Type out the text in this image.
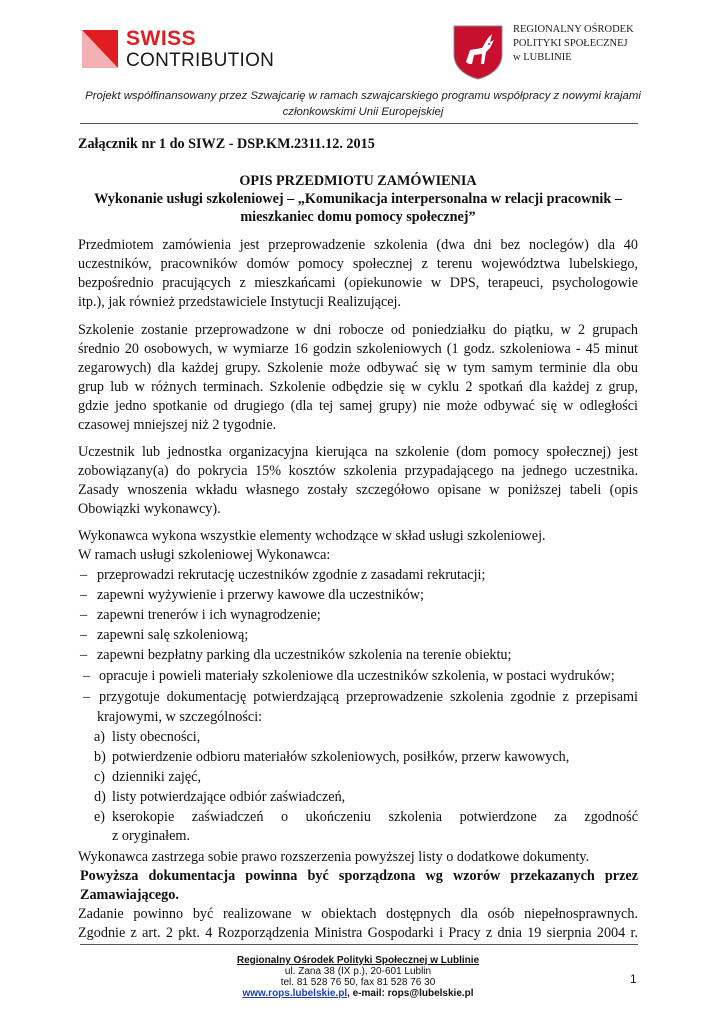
SWISS
CONTRIBUTION
REGIONALNY OŚRODEK
POLITYKI SPOŁECZNEJ
w LUBLINIE
Projekt współfinansowany przez Szwajcarię w ramach szwajcarskiego programu współpracy z nowymi krajami
członkowskimi Unii Europejskiej
Załącznik nr 1 do SIWZ - DSP.KM.2311.12. 2015
OPIS PRZEDMIOTU ZAMÓWIENIA
Wykonanie usługi szkoleniowej – „Komunikacja interpersonalna w relacji pracownik –
mieszkaniec domu pomocy społecznej”
Przedmiotem zamówienia jest przeprowadzenie szkolenia (dwa dni bez noclegów) dla 40
uczestników, pracowników domów pomocy społecznej z terenu województwa lubelskiego,
bezpośrednio pracujących z mieszkańcami (opiekunowie w DPS, terapeuci, psychologowie
itp.), jak również przedstawiciele Instytucji Realizującej.
Szkolenie zostanie przeprowadzone w dni robocze od poniedziałku do piątku, w 2 grupach
średnio 20 osobowych, w wymiarze 16 godzin szkoleniowych (1 godz. szkoleniowa - 45 minut
zegarowych) dla każdej grupy. Szkolenie może odbywać się w tym samym terminie dla obu
grup lub w różnych terminach. Szkolenie odbędzie się w cyklu 2 spotkań dla każdej z grup,
gdzie jedno spotkanie od drugiego (dla tej samej grupy) nie może odbywać się w odległości
czasowej mniejszej niż 2 tygodnie.
Uczestnik lub jednostka organizacyjna kierująca na szkolenie (dom pomocy społecznej) jest
zobowiązany(a) do pokrycia 15% kosztów szkolenia przypadającego na jednego uczestnika.
Zasady wnoszenia wkładu własnego zostały szczegółowo opisane w poniższej tabeli (opis
Obowiązki wykonawcy).
Wykonawca wykona wszystkie elementy wchodzące w skład usługi szkoleniowej.
W ramach usługi szkoleniowej Wykonawca:
– przeprowadzi rekrutację uczestników zgodnie z zasadami rekrutacji;
– zapewni wyżywienie i przerwy kawowe dla uczestników;
– zapewni trenerów i ich wynagrodzenie;
– zapewni salę szkoleniową;
– zapewni bezpłatny parking dla uczestników szkolenia na terenie obiektu;
– opracuje i powieli materiały szkoleniowe dla uczestników szkolenia, w postaci wydruków;
– przygotuje dokumentację potwierdzającą przeprowadzenie szkolenia zgodnie z przepisami
krajowymi, w szczególności:
a) listy obecności,
b) potwierdzenie odbioru materiałów szkoleniowych, posiłków, przerw kawowych,
c) dzienniki zajęć,
d) listy potwierdzające odbiór zaświadczeń,
e) kserokopie zaświadczeń o ukończeniu szkolenia potwierdzone za zgodność
z oryginałem.
Wykonawca zastrzega sobie prawo rozszerzenia powyższej listy o dodatkowe dokumenty.
Powyższa dokumentacja powinna być sporządzona wg wzorów przekazanych przez
Zamawiającego.
Zadanie powinno być realizowane w obiektach dostępnych dla osób niepełnosprawnych.
Zgodnie z art. 2 pkt. 4 Rozporządzenia Ministra Gospodarki i Pracy z dnia 19 sierpnia 2004 r.
Regionalny Ośrodek Polityki Społecznej w Lublinie
ul. Zana 38 (IX p.), 20-601 Lublin
tel. 81 528 76 50, fax 81 528 76 30
www.rops.lubelskie.pl, e-mail: rops@lubelskie.pl
1
